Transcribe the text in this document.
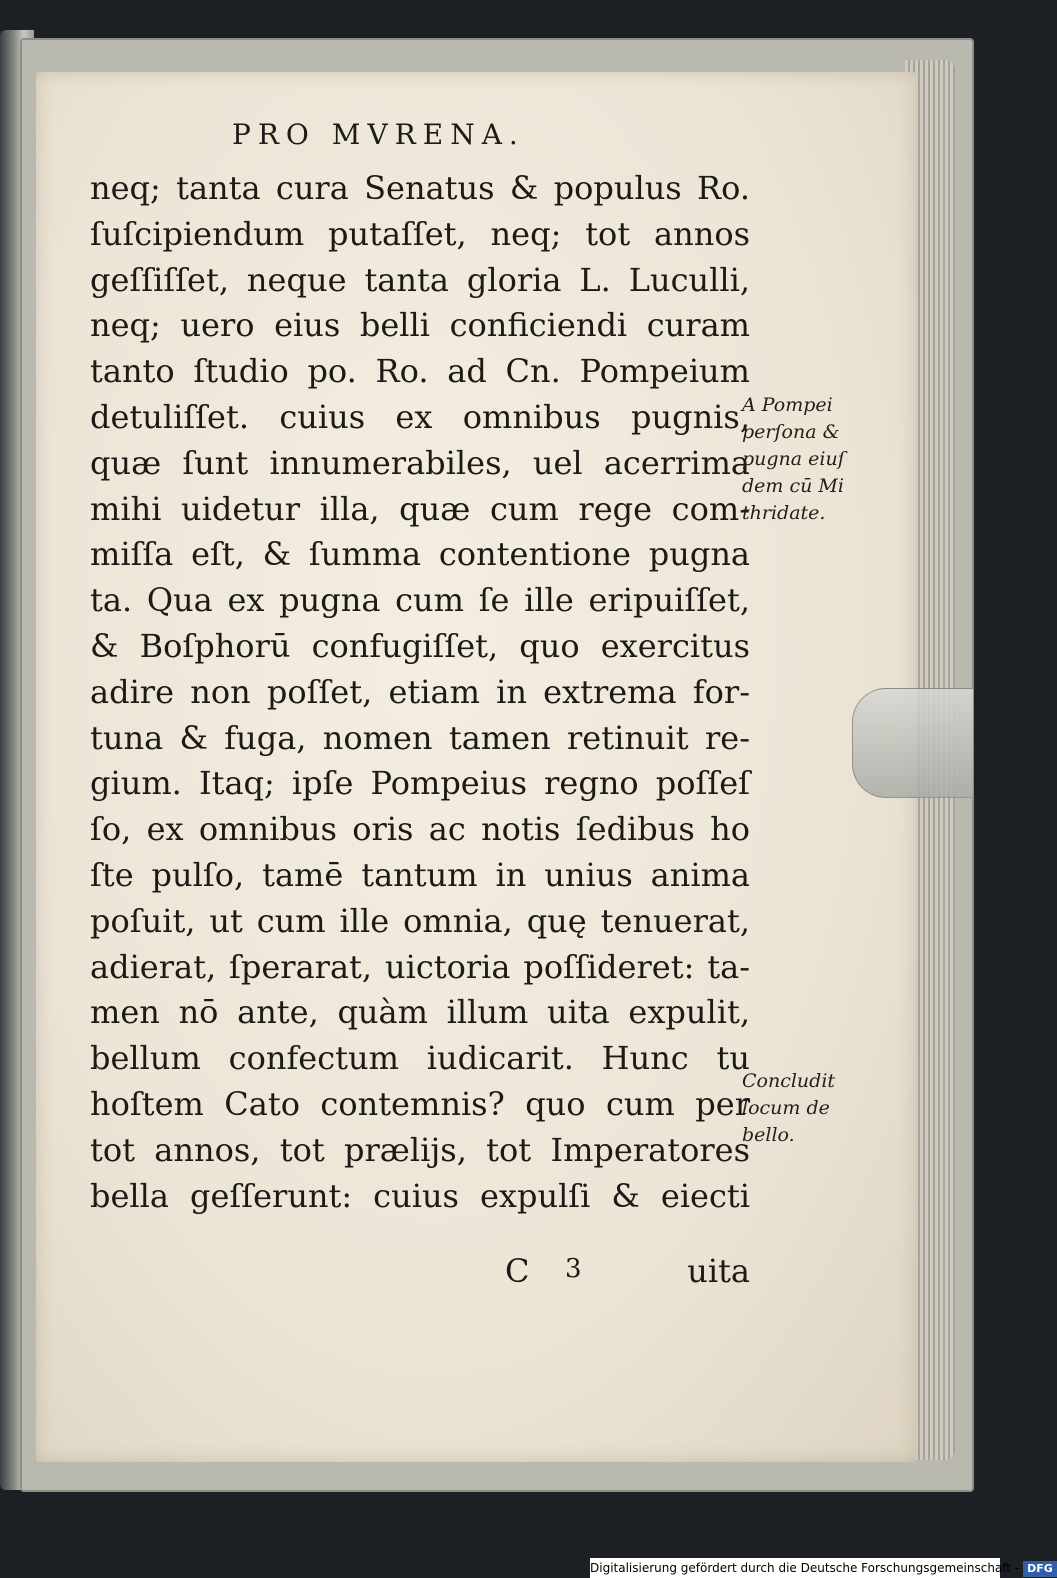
PRO MVRENA.
neq; tanta cura Senatus & populus Ro.
ſuſcipiendum putaſſet, neq; tot annos
geſſiſſet, neque tanta gloria L. Luculli,
neq; uero eius belli conficiendi curam
tanto ſtudio po. Ro. ad Cn. Pompeium
detuliſſet. cuius ex omnibus pugnis,
quæ ſunt innumerabiles, uel acerrima
mihi uidetur illa, quæ cum rege com-
miſſa eſt, & ſumma contentione pugna
ta. Qua ex pugna cum ſe ille eripuiſſet,
& Boſphorū confugiſſet, quo exercitus
adire non poſſet, etiam in extrema for-
tuna & fuga, nomen tamen retinuit re-
gium. Itaq; ipſe Pompeius regno poſſeſ
ſo, ex omnibus oris ac notis ſedibus ho
ſte pulſo, tamē tantum in unius anima
poſuit, ut cum ille omnia, quę tenuerat,
adierat, ſperarat, uictoria poſſideret: ta-
men nō ante, quàm illum uita expulit,
bellum confectum iudicarit. Hunc tu
hoſtem Cato contemnis? quo cum per
tot annos, tot prælijs, tot Imperatores
bella geſſerunt: cuius expulſi & eiecti
C 3	uita
A Pompei
perſona &
pugna eiuſ
dem cū Mi
thridate.
Concludit
locum de
bello.
Digitalisierung gefördert durch die Deutsche Forschungsgemeinschaft - DFG
